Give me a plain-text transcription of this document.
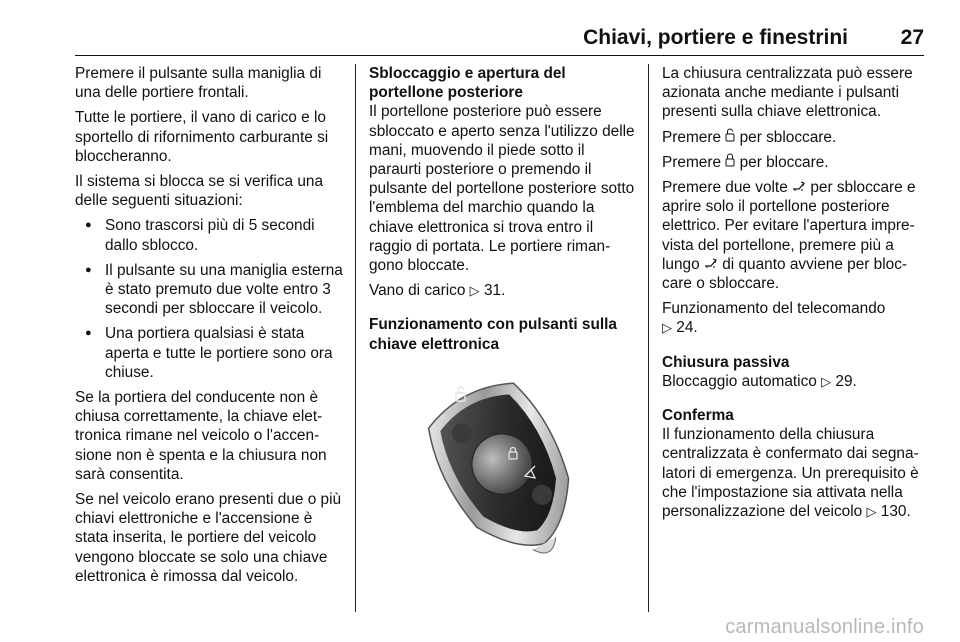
Chiavi, portiere e finestrini	27

Premere il pulsante sulla maniglia di una delle portiere frontali.

Tutte le portiere, il vano di carico e lo sportello di rifornimento carburante si bloccheranno.

Il sistema si blocca se si verifica una delle seguenti situazioni:

● Sono trascorsi più di 5 secondi dallo sblocco.
● Il pulsante su una maniglia esterna è stato premuto due volte entro 3 secondi per sbloccare il veicolo.
● Una portiera qualsiasi è stata aperta e tutte le portiere sono ora chiuse.

Se la portiera del conducente non è chiusa correttamente, la chiave elettronica rimane nel veicolo o l'accensione non è spenta e la chiusura non sarà consentita.

Se nel veicolo erano presenti due o più chiavi elettroniche e l'accensione è stata inserita, le portiere del veicolo vengono bloccate se solo una chiave elettronica è rimossa dal veicolo.

Sbloccaggio e apertura del portellone posteriore

Il portellone posteriore può essere sbloccato e aperto senza l'utilizzo delle mani, muovendo il piede sotto il paraurti posteriore o premendo il pulsante del portellone posteriore sotto l'emblema del marchio quando la chiave elettronica si trova entro il raggio di portata. Le portiere rimangono bloccate.

Vano di carico ▷ 31.

Funzionamento con pulsanti sulla chiave elettronica

La chiusura centralizzata può essere azionata anche mediante i pulsanti presenti sulla chiave elettronica.

Premere per sbloccare.

Premere per bloccare.

Premere due volte per sbloccare e aprire solo il portellone posteriore elettrico. Per evitare l'apertura imprevista del portellone, premere più a lungo di quanto avviene per bloccare o sbloccare.

Funzionamento del telecomando
▷ 24.

Chiusura passiva

Bloccaggio automatico ▷ 29.

Conferma

Il funzionamento della chiusura centralizzata è confermato dai segnalatori di emergenza. Un prerequisito è che l'impostazione sia attivata nella personalizzazione del veicolo ▷ 130.

carmanualsonline.info
